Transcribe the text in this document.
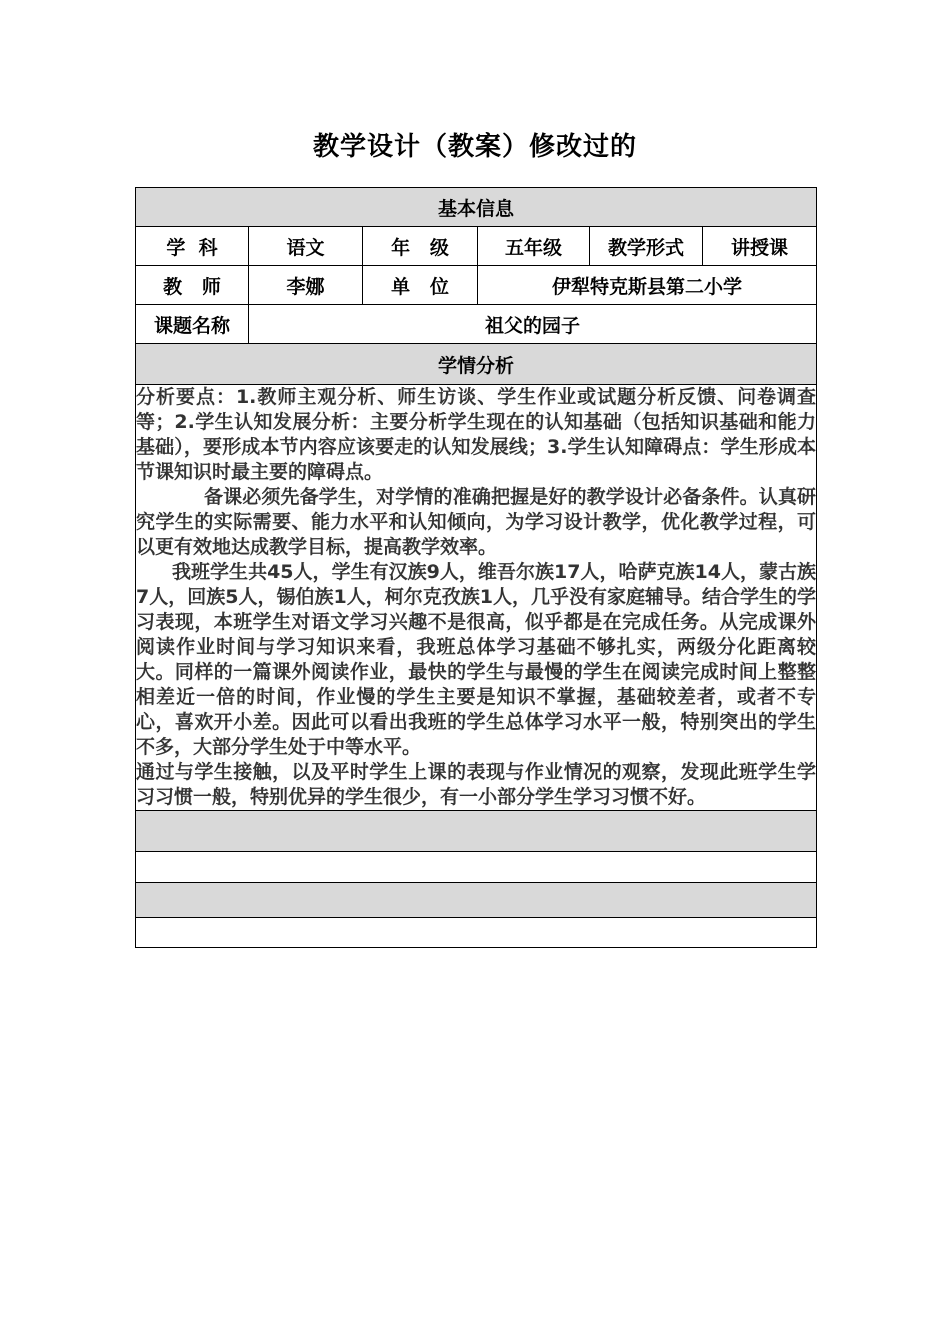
教学设计（教案）修改过的
基本信息					
学  科	语文	年   级	五年级	教学形式	讲授课
教   师	李娜	单   位	伊犁特克斯县第二小学		
课题名称	祖父的园子				
学情分析					

分析要点：1.教师主观分析、师生访谈、学生作业或试题分析反馈、问卷调查等；2.学生认知发展分析：主要分析学生现在的认知基础（包括知识基础和能力基础），要形成本节内容应该要走的认知发展线；3.学生认知障碍点：学生形成本节课知识时最主要的障碍点。

备课必须先备学生，对学情的准确把握是好的教学设计必备条件。认真研究学生的实际需要、能力水平和认知倾向，为学习设计教学，优化教学过程，可以更有效地达成教学目标，提高教学效率。

我班学生共45人，学生有汉族9人，维吾尔族17人，哈萨克族14人，蒙古族7人，回族5人，锡伯族1人，柯尔克孜族1人，几乎没有家庭辅导。结合学生的学习表现，本班学生对语文学习兴趣不是很高，似乎都是在完成任务。从完成课外阅读作业时间与学习知识来看，我班总体学习基础不够扎实，两级分化距离较大。同样的一篇课外阅读作业，最快的学生与最慢的学生在阅读完成时间上整整相差近一倍的时间，作业慢的学生主要是知识不掌握，基础较差者，或者不专心，喜欢开小差。因此可以看出我班的学生总体学习水平一般，特别突出的学生不多，大部分学生处于中等水平。

通过与学生接触，以及平时学生上课的表现与作业情况的观察，发现此班学生学习习惯一般，特别优异的学生很少，有一小部分学生学习习惯不好。					
